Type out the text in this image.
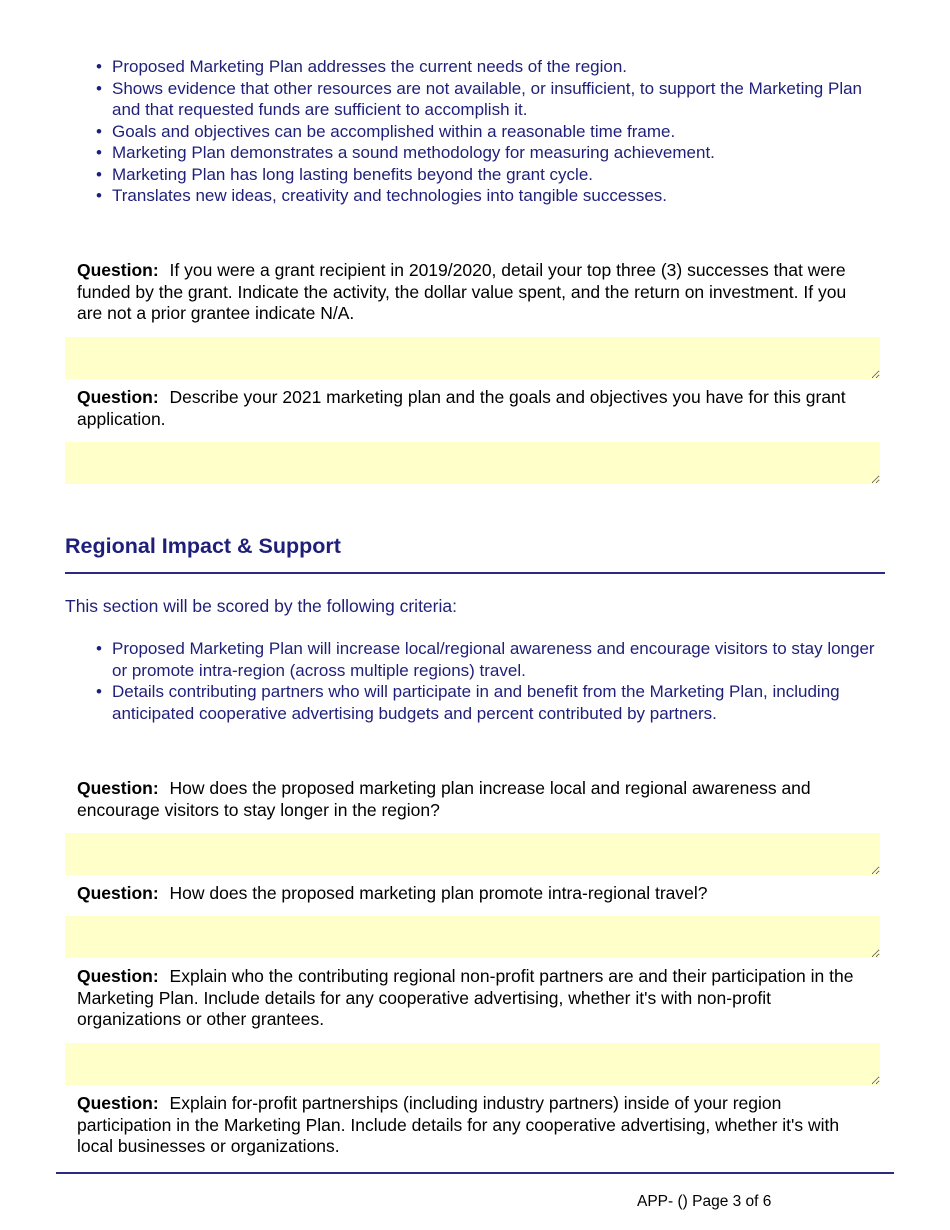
• Proposed Marketing Plan addresses the current needs of the region.
• Shows evidence that other resources are not available, or insufficient, to support the Marketing Plan and that requested funds are sufficient to accomplish it.
• Goals and objectives can be accomplished within a reasonable time frame.
• Marketing Plan demonstrates a sound methodology for measuring achievement.
• Marketing Plan has long lasting benefits beyond the grant cycle.
• Translates new ideas, creativity and technologies into tangible successes.
Question: If you were a grant recipient in 2019/2020, detail your top three (3) successes that were funded by the grant. Indicate the activity, the dollar value spent, and the return on investment. If you are not a prior grantee indicate N/A.
Question: Describe your 2021 marketing plan and the goals and objectives you have for this grant application.
Regional Impact & Support
This section will be scored by the following criteria:
• Proposed Marketing Plan will increase local/regional awareness and encourage visitors to stay longer or promote intra-region (across multiple regions) travel.
• Details contributing partners who will participate in and benefit from the Marketing Plan, including anticipated cooperative advertising budgets and percent contributed by partners.
Question: How does the proposed marketing plan increase local and regional awareness and encourage visitors to stay longer in the region?
Question: How does the proposed marketing plan promote intra-regional travel?
Question: Explain who the contributing regional non-profit partners are and their participation in the Marketing Plan. Include details for any cooperative advertising, whether it's with non-profit organizations or other grantees.
Question: Explain for-profit partnerships (including industry partners) inside of your region participation in the Marketing Plan. Include details for any cooperative advertising, whether it's with local businesses or organizations.
APP- () Page 3 of 6
